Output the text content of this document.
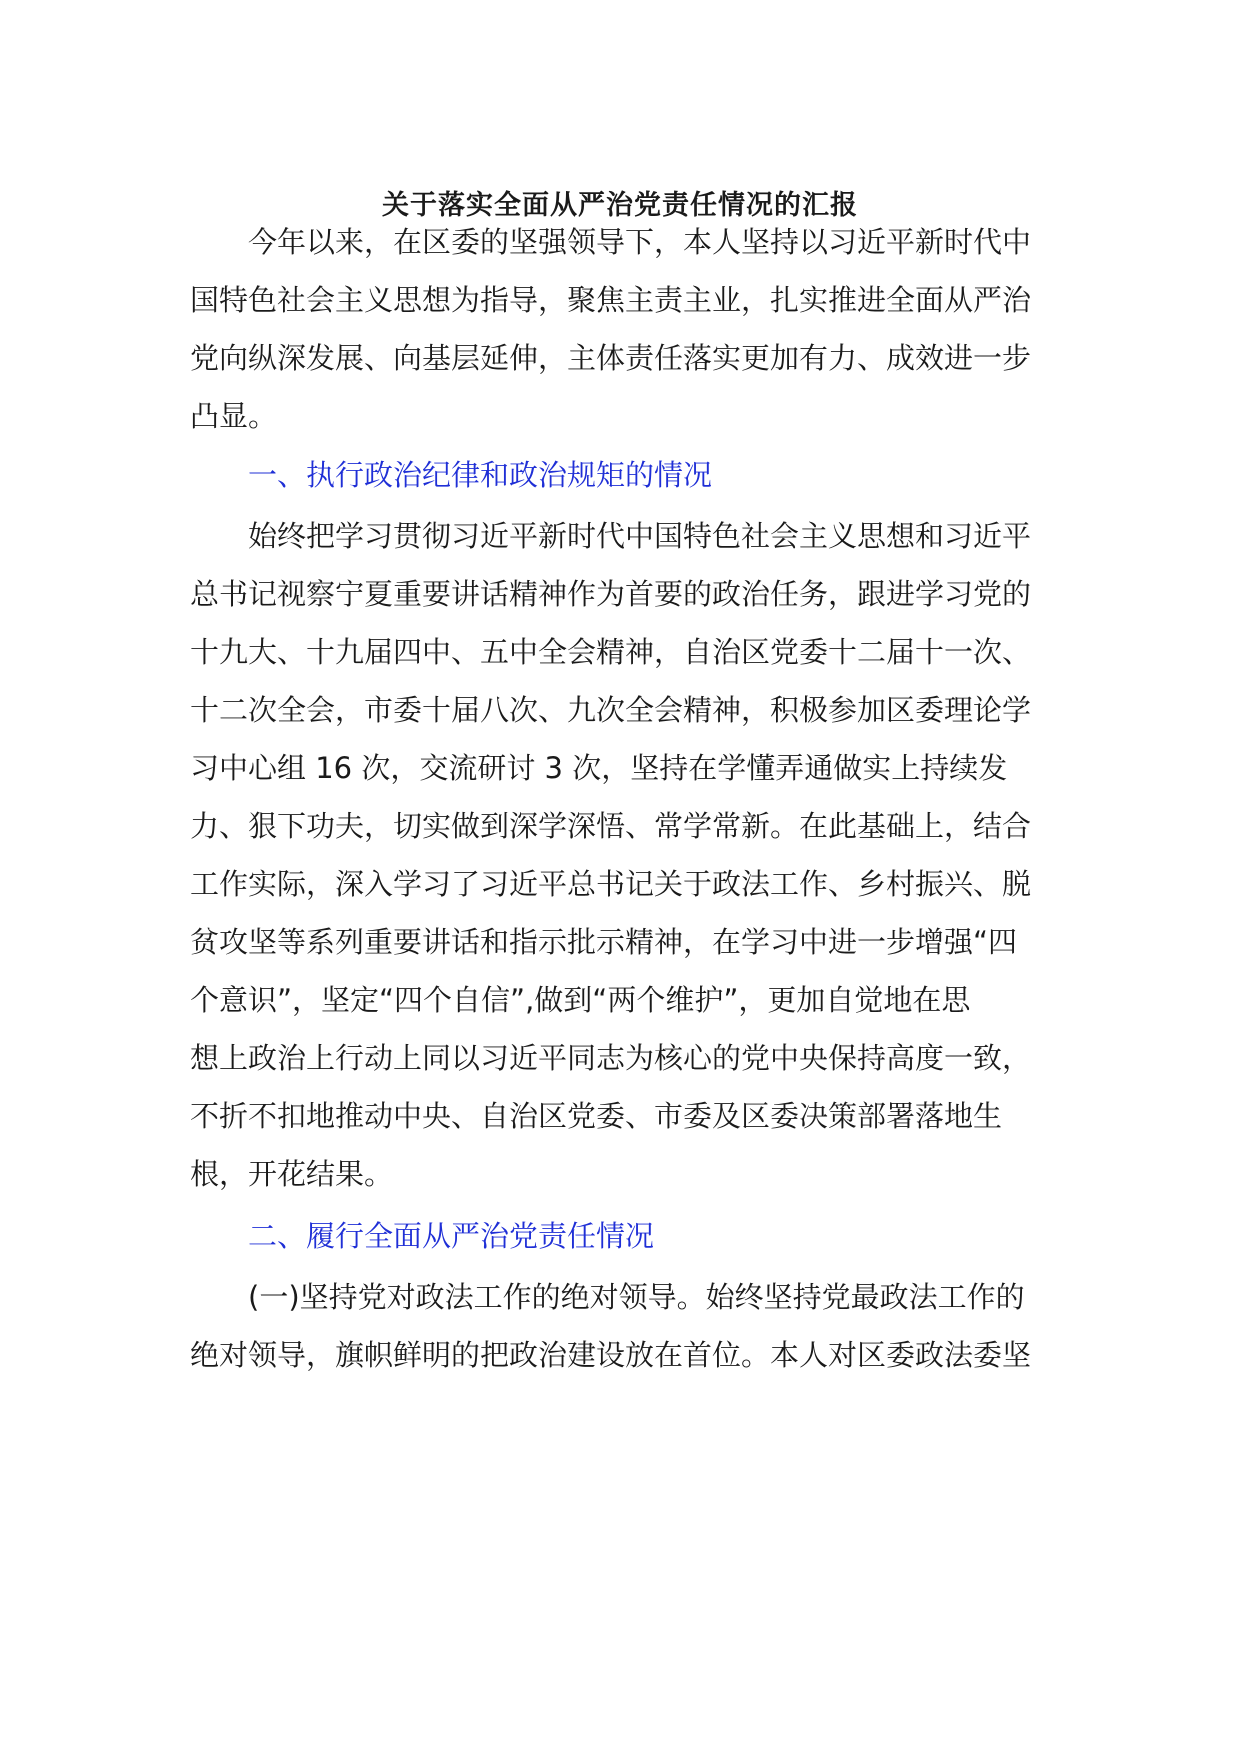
关于落实全面从严治党责任情况的汇报
今年以来，在区委的坚强领导下，本人坚持以习近平新时代中
国特色社会主义思想为指导，聚焦主责主业，扎实推进全面从严治
党向纵深发展、向基层延伸，主体责任落实更加有力、成效进一步
凸显。
一、执行政治纪律和政治规矩的情况
始终把学习贯彻习近平新时代中国特色社会主义思想和习近平
总书记视察宁夏重要讲话精神作为首要的政治任务，跟进学习党的
十九大、十九届四中、五中全会精神，自治区党委十二届十一次、
十二次全会，市委十届八次、九次全会精神，积极参加区委理论学
习中心组 16 次，交流研讨 3 次，坚持在学懂弄通做实上持续发
力、狠下功夫，切实做到深学深悟、常学常新。在此基础上，结合
工作实际，深入学习了习近平总书记关于政法工作、乡村振兴、脱
贫攻坚等系列重要讲话和指示批示精神，在学习中进一步增强“四
个意识”，坚定“四个自信”,做到“两个维护”，更加自觉地在思
想上政治上行动上同以习近平同志为核心的党中央保持高度一致，
不折不扣地推动中央、自治区党委、市委及区委决策部署落地生
根，开花结果。
二、履行全面从严治党责任情况
(一)坚持党对政法工作的绝对领导。始终坚持党最政法工作的
绝对领导，旗帜鲜明的把政治建设放在首位。本人对区委政法委坚
